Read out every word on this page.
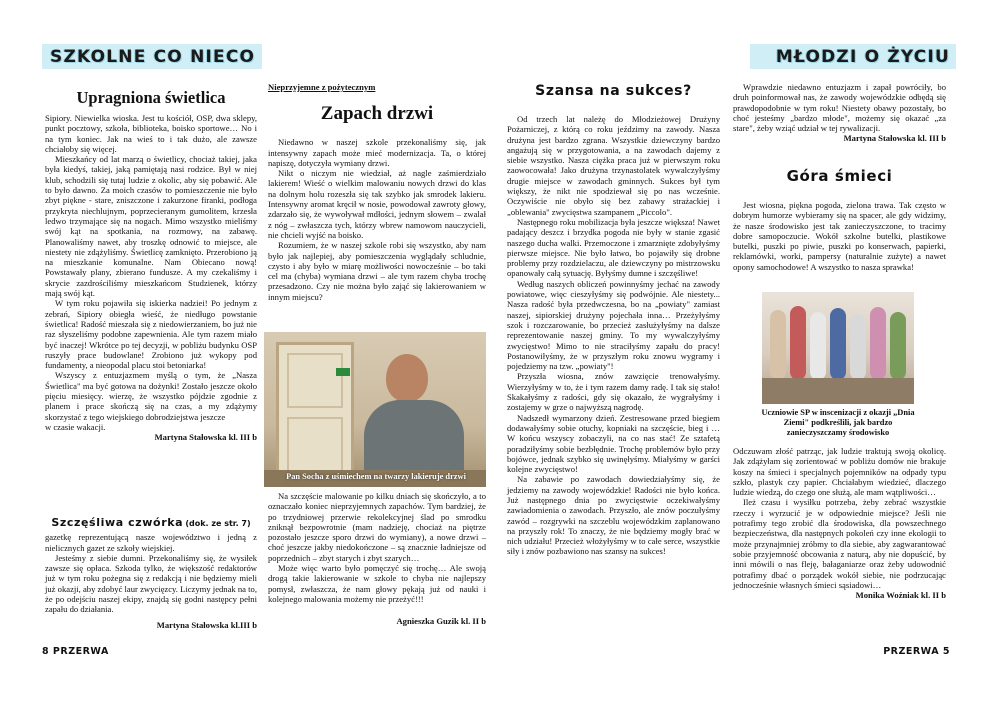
SZKOLNE CO NIECO
Upragniona świetlica

Sipiory. Niewielka wioska. Jest tu kościół, OSP, dwa sklepy, punkt pocztowy, szkoła, biblioteka, boisko sportowe… No i na tym koniec. Jak na wieś to i tak dużo, ale zawsze chciałoby się więcej.

Mieszkańcy od lat marzą o świetlicy, chociaż takiej, jaka była kiedyś, takiej, jaką pamiętają nasi rodzice. Był w niej klub, schodzili się tutaj ludzie z okolic, aby się pobawić. Ale to było dawno. Za moich czasów to pomieszczenie nie było zbyt piękne - stare, zniszczone i zakurzone firanki, podłoga przykryta niechlujnym, poprzecieranym gumolitem, krzesła ledwo trzymające się na nogach. Mimo wszystko mieliśmy swój kąt na spotkania, na rozmowy, na zabawę. Planowaliśmy nawet, aby troszkę odnowić to miejsce, ale niestety nie zdążyliśmy. Świetlicę zamknięto. Przerobiono ją na mieszkanie komunalne. Nam Obiecano nową! Powstawały plany, zbierano fundusze. A my czekaliśmy i skrycie zazdrościliśmy mieszkańcom Studzienek, którzy mają swój kąt.

W tym roku pojawiła się iskierka nadziei! Po jednym z zebrań, Sipiory obiegła wieść, że niedługo powstanie świetlica! Radość mieszała się z niedowierzaniem, bo już nie raz słyszeliśmy podobne zapewnienia. Ale tym razem miało być inaczej! Wkrótce po tej decyzji, w pobliżu budynku OSP ruszyły prace budowlane! Zrobiono już wykopy pod fundamenty, a nieopodal placu stoi betoniarka!

Wszyscy z entuzjazmem myślą o tym, że „Nasza Świetlica" ma być gotowa na dożynki! Zostało jeszcze około pięciu miesięcy. wierzę, że wszystko pójdzie zgodnie z planem i prace skończą się na czas, a my zdążymy skorzystać z tego wiejskiego dobrodziejstwa jeszcze

w czasie wakacji.

Martyna Stałowska kl. III b
Szczęśliwa czwórka (dok. ze str. 7)

gazetkę reprezentującą nasze województwo i jedną z nielicznych gazet ze szkoły wiejskiej.

Jesteśmy z siebie dumni. Przekonaliśmy się, że wysiłek zawsze się opłaca. Szkoda tylko, że większość redaktorów już w tym roku pożegna się z redakcją i nie będziemy mieli już okazji, aby zdobyć laur zwycięzcy. Liczymy jednak na to, że po odejściu naszej ekipy, znajdą się godni następcy pełni zapału do działania.

Martyna Stałowska kl.III b
Nieprzyjemne z pożytecznym
Zapach drzwi

Niedawno w naszej szkole przekonaliśmy się, jak intensywny zapach może mieć modernizacja. Ta, o której napiszę, dotyczyła wymiany drzwi.

Nikt o niczym nie wiedział, aż nagle zaśmierdziało lakierem! Wieść o wielkim malowaniu nowych drzwi do klas na dolnym holu rozeszła się tak szybko jak smrodek lakieru. Intensywny aromat kręcił w nosie, powodował zawroty głowy, zdarzało się, że wywoływał mdłości, jednym słowem – zwalał z nóg – zwłaszcza tych, którzy wbrew namowom nauczycieli, nie chcieli wyjść na boisko.

Rozumiem, że w naszej szkole robi się wszystko, aby nam było jak najlepiej, aby pomieszczenia wyglądały schludnie, czysto i aby było w miarę możliwości nowocześnie – bo taki cel ma (chyba) wymiana drzwi – ale tym razem chyba trochę przesadzono. Czy nie można było zająć się lakierowaniem w innym miejscu?

Pan Socha z uśmiechem na twarzy lakieruje drzwi

Na szczęście malowanie po kilku dniach się skończyło, a to oznaczało koniec nieprzyjemnych zapachów. Tym bardziej, że po trzydniowej przerwie rekolekcyjnej ślad po smrodku zniknął bezpowrotnie (mam nadzieję, chociaż na piętrze pozostało jeszcze sporo drzwi do wymiany), a nowe drzwi – choć jeszcze jakby niedokończone – są znacznie ładniejsze od poprzednich – zbyt starych i zbyt szarych…

Może więc warto było pomęczyć się trochę… Ale swoją drogą takie lakierowanie w szkole to chyba nie najlepszy pomysł, zwłaszcza, że nam głowy pękają już od nauki i kolejnego malowania możemy nie przeżyć!!!

Agnieszka Guzik kl. II b
8 PRZERWA
MŁODZI O ŻYCIU
Szansa na sukces?

Od trzech lat należę do Młodzieżowej Drużyny Pożarniczej, z którą co roku jeździmy na zawody. Nasza drużyna jest bardzo zgrana. Wszystkie dziewczyny bardzo angażują się w przygotowania, a na zawodach dajemy z siebie wszystko. Nasza ciężka praca już w pierwszym roku zaowocowała! Jako drużyna trzynastolatek wywalczyłyśmy drugie miejsce w zawodach gminnych. Sukces był tym większy, że nikt nie spodziewał się po nas wcześnie. Oczywiście nie obyło się bez zabawy strażackiej i „oblewania" zwycięstwa szampanem „Piccolo".

Następnego roku mobilizacja była jeszcze większa! Nawet padający deszcz i brzydka pogoda nie były w stanie zgasić naszego ducha walki. Przemoczone i zmarznięte zdobyłyśmy pierwsze miejsce. Nie było łatwo, bo pojawiły się drobne problemy przy rozdzielaczu, ale dziewczyny po mistrzowsku opanowały całą sytuację. Byłyśmy dumne i szczęśliwe!

Według naszych obliczeń powinnyśmy jechać na zawody powiatowe, więc cieszyłyśmy się podwójnie. Ale niestety... Nasza radość była przedwczesna, bo na „powiaty" zamiast naszej, sipiorskiej drużyny pojechała inna… Przeżyłyśmy szok i rozczarowanie, bo przecież zasłużyłyśmy na dalsze reprezentowanie naszej gminy. To my wywalczyłyśmy zwycięstwo! Mimo to nie straciłyśmy zapału do pracy! Postanowiłyśmy, że w przyszłym roku znowu wygramy i pojedziemy na tzw. „powiaty"!

Przyszła wiosna, znów zawzięcie trenowałyśmy. Wierzyłyśmy w to, że i tym razem damy radę. I tak się stało! Skakałyśmy z radości, gdy się okazało, że wygrałyśmy i zostajemy w grze o najwyższą nagrodę.

Nadszedł wymarzony dzień. Zestresowane przed biegiem dodawałyśmy sobie otuchy, kopniaki na szczęście, bieg i … W końcu wszyscy zobaczyli, na co nas stać! Ze sztafetą poradziłyśmy sobie bezbłędnie. Trochę problemów było przy bojówce, jednak szybko się uwinęłyśmy. Miałyśmy w garści kolejne zwycięstwo!

Na zabawie po zawodach dowiedziałyśmy się, że jedziemy na zawody wojewódzkie! Radości nie było końca. Już następnego dnia po zwycięstwie oczekiwałyśmy zawiadomienia o zawodach. Przyszło, ale znów poczułyśmy zawód – rozgrywki na szczeblu wojewódzkim zaplanowano na przyszły rok! To znaczy, że nie będziemy mogły brać w nich udziału! Przecież włożyłyśmy w to całe serce, wszystkie siły i znów pozbawiono nas szansy na sukces!

Wprawdzie niedawno entuzjazm i zapał powróciły, bo druh poinformował nas, że zawody wojewódzkie odbędą się prawdopodobnie w tym roku! Niestety obawy pozostały, bo choć jesteśmy „bardzo młode", możemy się okazać „za stare", żeby wziąć udział w tej rywalizacji.

Martyna Stałowska kl. III b
Góra śmieci

Jest wiosna, piękna pogoda, zielona trawa. Tak często w dobrym humorze wybieramy się na spacer, ale gdy widzimy, że nasze środowisko jest tak zanieczyszczone, to tracimy dobre samopoczucie. Wokół szkolne butelki, plastikowe butelki, puszki po piwie, puszki po konserwach, papierki, reklamówki, worki, pampersy (naturalnie zużyte) a nawet opony samochodowe! A wszystko to nasza sprawka!

Uczniowie SP w inscenizacji z okazji „Dnia Ziemi" podkreślili, jak bardzo zanieczyszczamy środowisko

Odczuwam złość patrząc, jak ludzie traktują swoją okolicę. Jak zdążyłam się zorientować w pobliżu domów nie brakuje koszy na śmieci i specjalnych pojemników na odpady typu szkło, plastyk czy papier. Chciałabym wiedzieć, dlaczego ludzie wiedzą, do czego one służą, ale mam wątpliwości…

Ileż czasu i wysiłku potrzeba, żeby zebrać wszystkie rzeczy i wyrzucić je w odpowiednie miejsce? Jeśli nie potrafimy tego zrobić dla środowiska, dla powszechnego bezpieczeństwa, dla następnych pokoleń czy inne ekologii to może przynajmniej zróbmy to dla siebie, aby zagwarantować sobie przyjemność obcowania z naturą, aby nie dopuścić, by inni mówili o nas fleję, bałaganiarze oraz żeby udowodnić potrafimy dbać o porządek wokół siebie, nie podrzucając jednocześnie własnych śmieci sąsiadowi…

Monika Woźniak kl. II b
PRZERWA 5
